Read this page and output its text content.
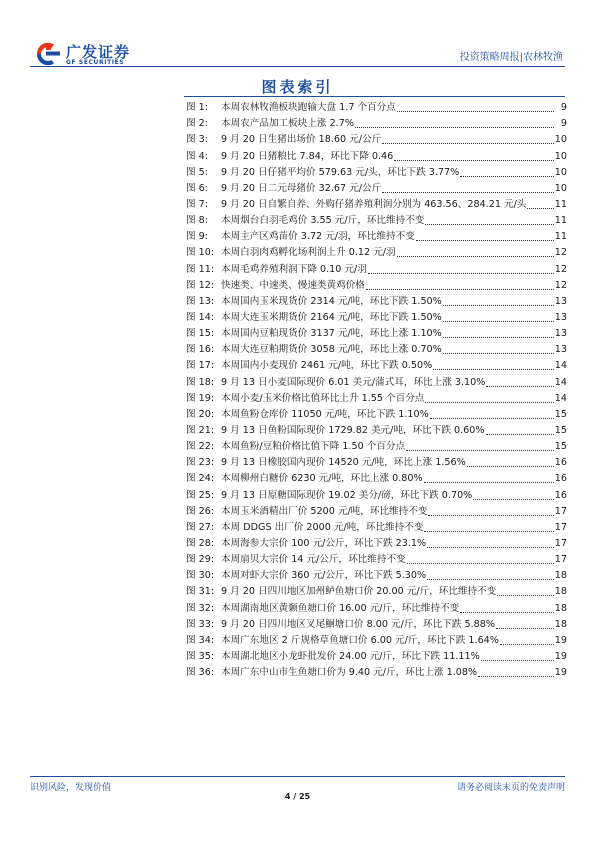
广发证券
GF SECURITIES	投资策略周报|农林牧渔
图表索引
图 1:	本周农林牧渔板块跑输大盘 1.7 个百分点	9
图 2:	本周农产品加工板块上涨 2.7%	9
图 3:	9 月 20 日生猪出场价 18.60 元/公斤	10
图 4:	9 月 20 日猪粮比 7.84，环比下降 0.46	10
图 5:	9 月 20 日仔猪平均价 579.63 元/头，环比下跌 3.77%	10
图 6:	9 月 20 日二元母猪价 32.67 元/公斤	10
图 7:	9 月 20 日自繁自养、外购仔猪养殖利润分别为 463.56、284.21 元/头	11
图 8:	本周烟台白羽毛鸡价 3.55 元/斤，环比维持不变	11
图 9:	本周主产区鸡苗价 3.72 元/羽，环比维持不变	11
图 10: 本周白羽肉鸡孵化场利润上升 0.12 元/羽	12
图 11: 本周毛鸡养殖利润下降 0.10 元/羽	12
图 12: 快速类、中速类、慢速类黄鸡价格	12
图 13: 本周国内玉米现货价 2314 元/吨，环比下跌 1.50%	13
图 14: 本周大连玉米期货价 2164 元/吨，环比下跌 1.50%	13
图 15: 本周国内豆粕现货价 3137 元/吨，环比上涨 1.10%	13
图 16: 本周大连豆粕期货价 3058 元/吨，环比上涨 0.70%	13
图 17: 本周国内小麦现价 2461 元/吨，环比下跌 0.50%	14
图 18: 9 月 13 日小麦国际现价 6.01 美元/蒲式耳，环比上涨 3.10%	14
图 19: 本周小麦/玉米价格比值环比上升 1.55 个百分点	14
图 20: 本周鱼粉仓库价 11050 元/吨，环比下跌 1.10%	15
图 21: 9 月 13 日鱼粉国际现价 1729.82 美元/吨，环比下跌 0.60%	15
图 22: 本周鱼粉/豆粕价格比值下降 1.50 个百分点	15
图 23: 9 月 13 日橡胶国内现价 14520 元/吨，环比上涨 1.56%	16
图 24: 本周柳州白糖价 6230 元/吨，环比上涨 0.80%	16
图 25: 9 月 13 日原糖国际现价 19.02 美分/磅，环比下跌 0.70%	16
图 26: 本周玉米酒精出厂价 5200 元/吨，环比维持不变	17
图 27: 本周 DDGS 出厂价 2000 元/吨，环比维持不变	17
图 28: 本周海参大宗价 100 元/公斤，环比下跌 23.1%	17
图 29: 本周扇贝大宗价 14 元/公斤，环比维持不变	17
图 30: 本周对虾大宗价 360 元/公斤，环比下跌 5.30%	18
图 31: 9 月 20 日四川地区加州鲈鱼塘口价 20.00 元/斤，环比维持不变	18
图 32: 本周湖南地区黄颡鱼塘口价 16.00 元/斤，环比维持不变	18
图 33: 9 月 20 日四川地区叉尾鮰塘口价 8.00 元/斤，环比下跌 5.88%	18
图 34: 本周广东地区 2 斤规格草鱼塘口价 6.00 元/斤，环比下跌 1.64%	19
图 35: 本周湖北地区小龙虾批发价 24.00 元/斤，环比下跌 11.11%	19
图 36: 本周广东中山市生鱼塘口价为 9.40 元/斤，环比上涨 1.08%	19
识别风险，发现价值	请务必阅读末页的免责声明
4 / 25
